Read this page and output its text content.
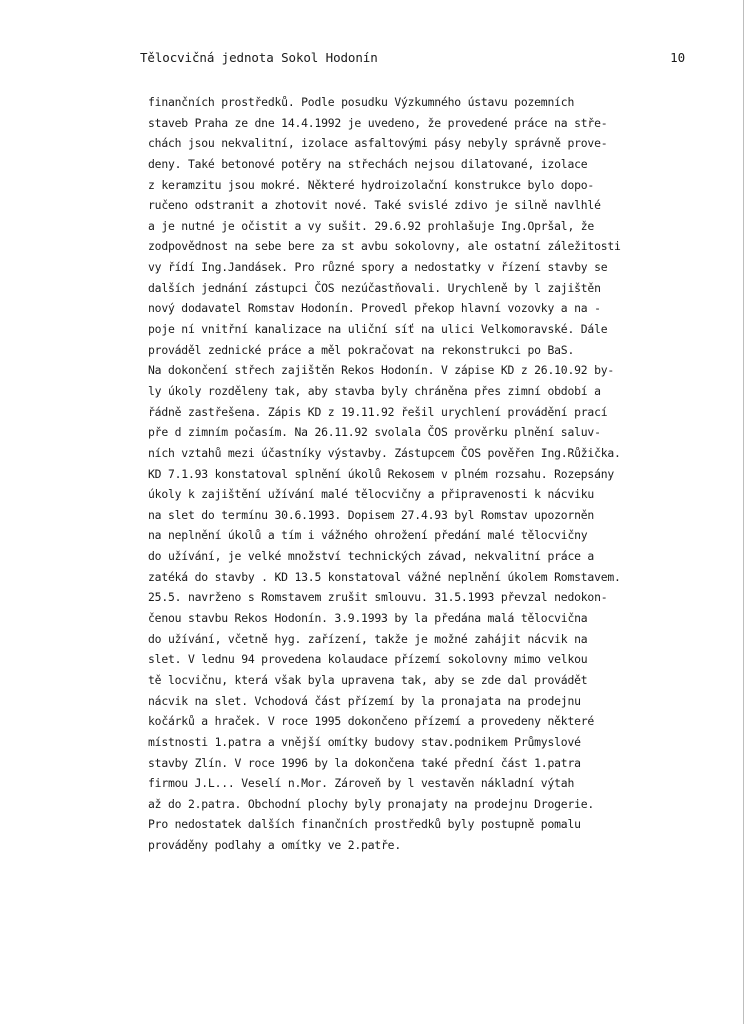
Tělocvičná jednota Sokol Hodonín	10
finančních prostředků. Podle posudku Výzkumného ústavu pozemních
staveb Praha ze dne 14.4.1992 je uvedeno, že provedené práce na stře-
chách jsou nekvalitní, izolace asfaltovými pásy nebyly správně prove-
deny. Také betonové potěry na střechách nejsou dilatované, izolace
z keramzitu jsou mokré. Některé hydroizolační konstrukce bylo dopo-
ručeno odstranit a zhotovit nové. Také svislé zdivo je silně navlhlé
a je nutné je očistit a vy sušit. 29.6.92 prohlašuje Ing.Opršal, že
zodpovědnost na sebe bere za st avbu sokolovny, ale ostatní záležitosti
vy řídí Ing.Jandásek. Pro různé spory a nedostatky v řízení stavby se
dalších jednání zástupci ČOS nezúčastňovali. Urychleně by l zajištěn
nový dodavatel Romstav Hodonín. Provedl překop hlavní vozovky a na -
poje ní vnitřní kanalizace na uliční síť na ulici Velkomoravské. Dále
prováděl zednické práce a měl pokračovat na rekonstrukci po BaS.
Na dokončení střech zajištěn Rekos Hodonín. V zápise KD z 26.10.92 by-
ly úkoly rozděleny tak, aby stavba byly chráněna přes zimní období a
řádně zastřešena. Zápis KD z 19.11.92 řešil urychlení provádění prací
pře d zimním počasím. Na 26.11.92 svolala ČOS prověrku plnění saluv-
ních vztahů mezi účastníky výstavby. Zástupcem ČOS pověřen Ing.Růžička.
KD 7.1.93 konstatoval splnění úkolů Rekosem v plném rozsahu. Rozepsány
úkoly k zajištění užívání malé tělocvičny a připravenosti k nácviku
na slet do termínu 30.6.1993. Dopisem 27.4.93 byl Romstav upozorněn
na neplnění úkolů a tím i vážného ohrožení předání malé tělocvičny
do užívání, je velké množství technických závad, nekvalitní práce a
zatéká do stavby . KD 13.5 konstatoval vážné neplnění úkolem Romstavem.
25.5. navrženo s Romstavem zrušit smlouvu. 31.5.1993 převzal nedokon-
čenou stavbu Rekos Hodonín. 3.9.1993 by la předána malá tělocvična
do užívání, včetně hyg. zařízení, takže je možné zahájit nácvik na
slet. V lednu 94 provedena kolaudace přízemí sokolovny mimo velkou
tě locvičnu, která však byla upravena tak, aby se zde dal provádět
nácvik na slet. Vchodová část přízemí by la pronajata na prodejnu
kočárků a hraček. V roce 1995 dokončeno přízemí a provedeny některé
místnosti 1.patra a vnější omítky budovy stav.podnikem Průmyslové
stavby Zlín. V roce 1996 by la dokončena také přední část 1.patra
firmou J.L... Veselí n.Mor. Zároveň by l vestavěn nákladní výtah
až do 2.patra. Obchodní plochy byly pronajaty na prodejnu Drogerie.
Pro nedostatek dalších finančních prostředků byly postupně pomalu
prováděny podlahy a omítky ve 2.patře.
